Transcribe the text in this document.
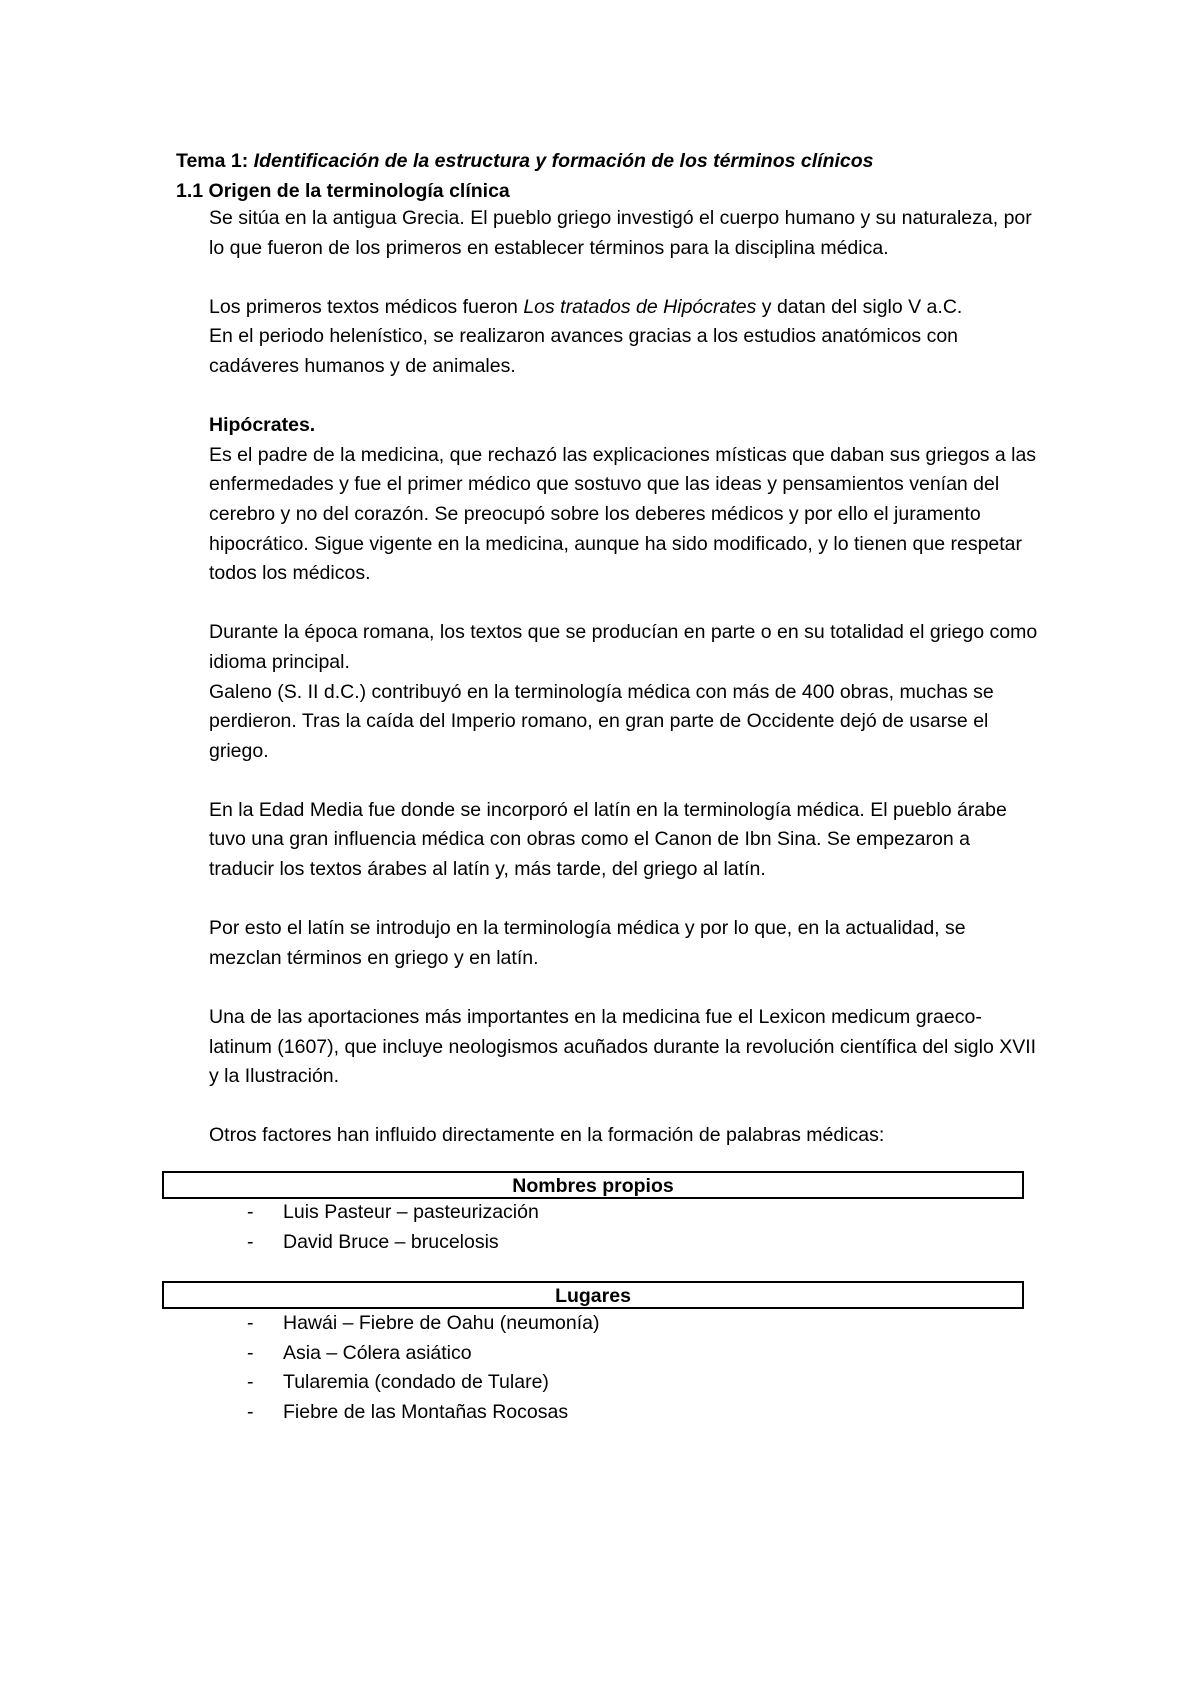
Tema 1: Identificación de la estructura y formación de los términos clínicos
1.1 Origen de la terminología clínica

Se sitúa en la antigua Grecia. El pueblo griego investigó el cuerpo humano y su naturaleza, por lo que fueron de los primeros en establecer términos para la disciplina médica.

Los primeros textos médicos fueron Los tratados de Hipócrates y datan del siglo V a.C.

En el periodo helenístico, se realizaron avances gracias a los estudios anatómicos con cadáveres humanos y de animales.

Hipócrates.

Es el padre de la medicina, que rechazó las explicaciones místicas que daban sus griegos a las enfermedades y fue el primer médico que sostuvo que las ideas y pensamientos venían del cerebro y no del corazón. Se preocupó sobre los deberes médicos y por ello el juramento hipocrático. Sigue vigente en la medicina, aunque ha sido modificado, y lo tienen que respetar todos los médicos.

Durante la época romana, los textos que se producían en parte o en su totalidad el griego como idioma principal.

Galeno (S. II d.C.) contribuyó en la terminología médica con más de 400 obras, muchas se perdieron. Tras la caída del Imperio romano, en gran parte de Occidente dejó de usarse el griego.

En la Edad Media fue donde se incorporó el latín en la terminología médica. El pueblo árabe tuvo una gran influencia médica con obras como el Canon de Ibn Sina. Se empezaron a traducir los textos árabes al latín y, más tarde, del griego al latín.

Por esto el latín se introdujo en la terminología médica y por lo que, en la actualidad, se mezclan términos en griego y en latín.

Una de las aportaciones más importantes en la medicina fue el Lexicon medicum graeco-latinum (1607), que incluye neologismos acuñados durante la revolución científica del siglo XVII y la Ilustración.

Otros factores han influido directamente en la formación de palabras médicas:

Nombres propios
- Luis Pasteur – pasteurización
- David Bruce – brucelosis
Lugares
- Hawái – Fiebre de Oahu (neumonía)
- Asia – Cólera asiático
- Tularemia (condado de Tulare)
- Fiebre de las Montañas Rocosas
